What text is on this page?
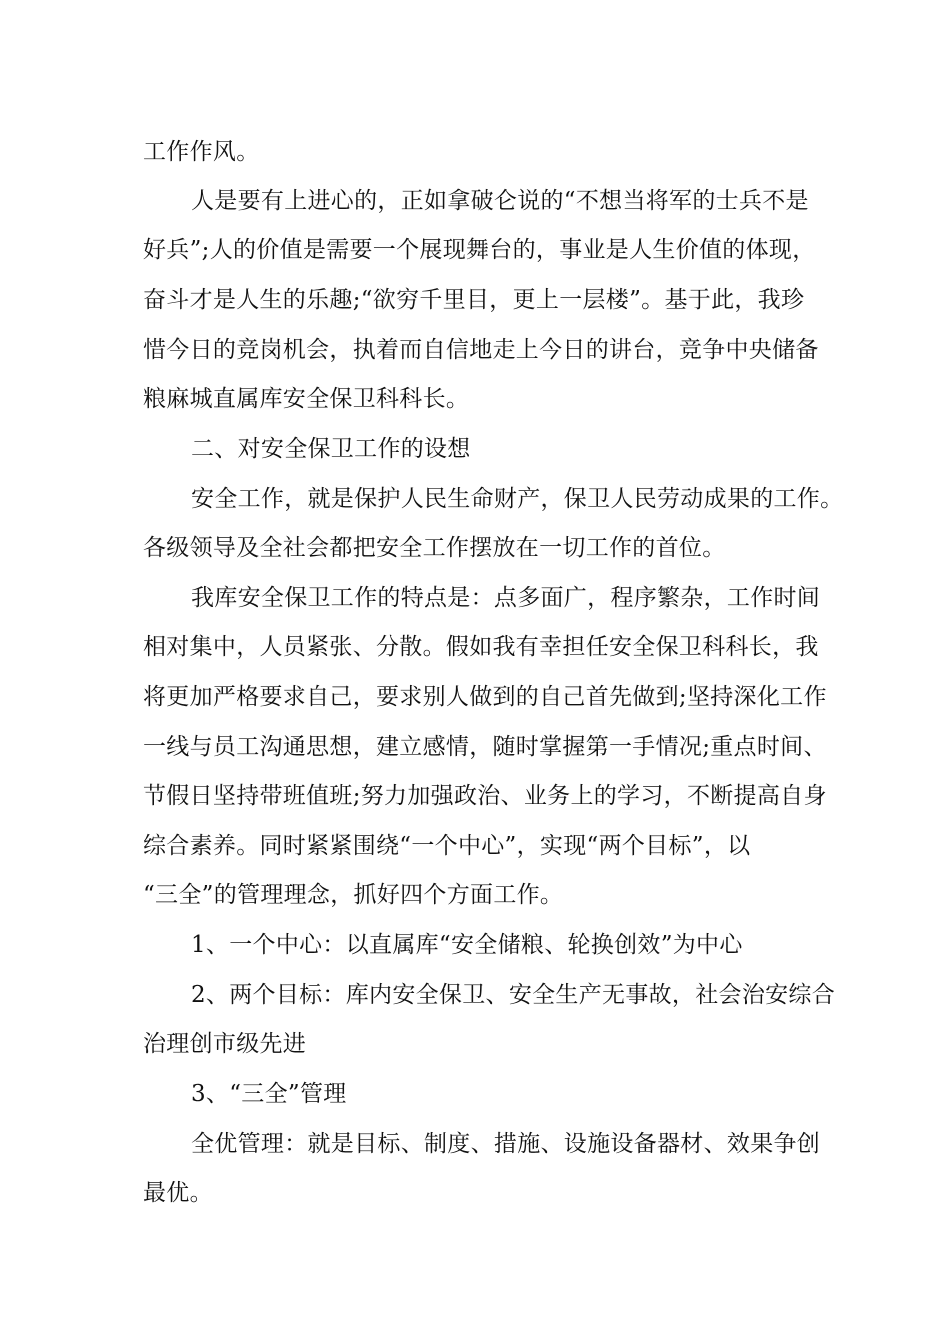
工作作风。
人是要有上进心的，正如拿破仑说的“不想当将军的士兵不是
好兵”;人的价值是需要一个展现舞台的，事业是人生价值的体现，
奋斗才是人生的乐趣;“欲穷千里目，更上一层楼”。基于此，我珍
惜今日的竞岗机会，执着而自信地走上今日的讲台，竞争中央储备
粮麻城直属库安全保卫科科长。
二、对安全保卫工作的设想
安全工作，就是保护人民生命财产，保卫人民劳动成果的工作。
各级领导及全社会都把安全工作摆放在一切工作的首位。
我库安全保卫工作的特点是：点多面广，程序繁杂，工作时间
相对集中，人员紧张、分散。假如我有幸担任安全保卫科科长，我
将更加严格要求自己，要求别人做到的自己首先做到;坚持深化工作
一线与员工沟通思想，建立感情，随时掌握第一手情况;重点时间、
节假日坚持带班值班;努力加强政治、业务上的学习，不断提高自身
综合素养。同时紧紧围绕“一个中心”，实现“两个目标”，以
“三全”的管理理念，抓好四个方面工作。
1、一个中心：以直属库“安全储粮、轮换创效”为中心
2、两个目标：库内安全保卫、安全生产无事故，社会治安综合
治理创市级先进
3、“三全”管理
全优管理：就是目标、制度、措施、设施设备器材、效果争创
最优。
